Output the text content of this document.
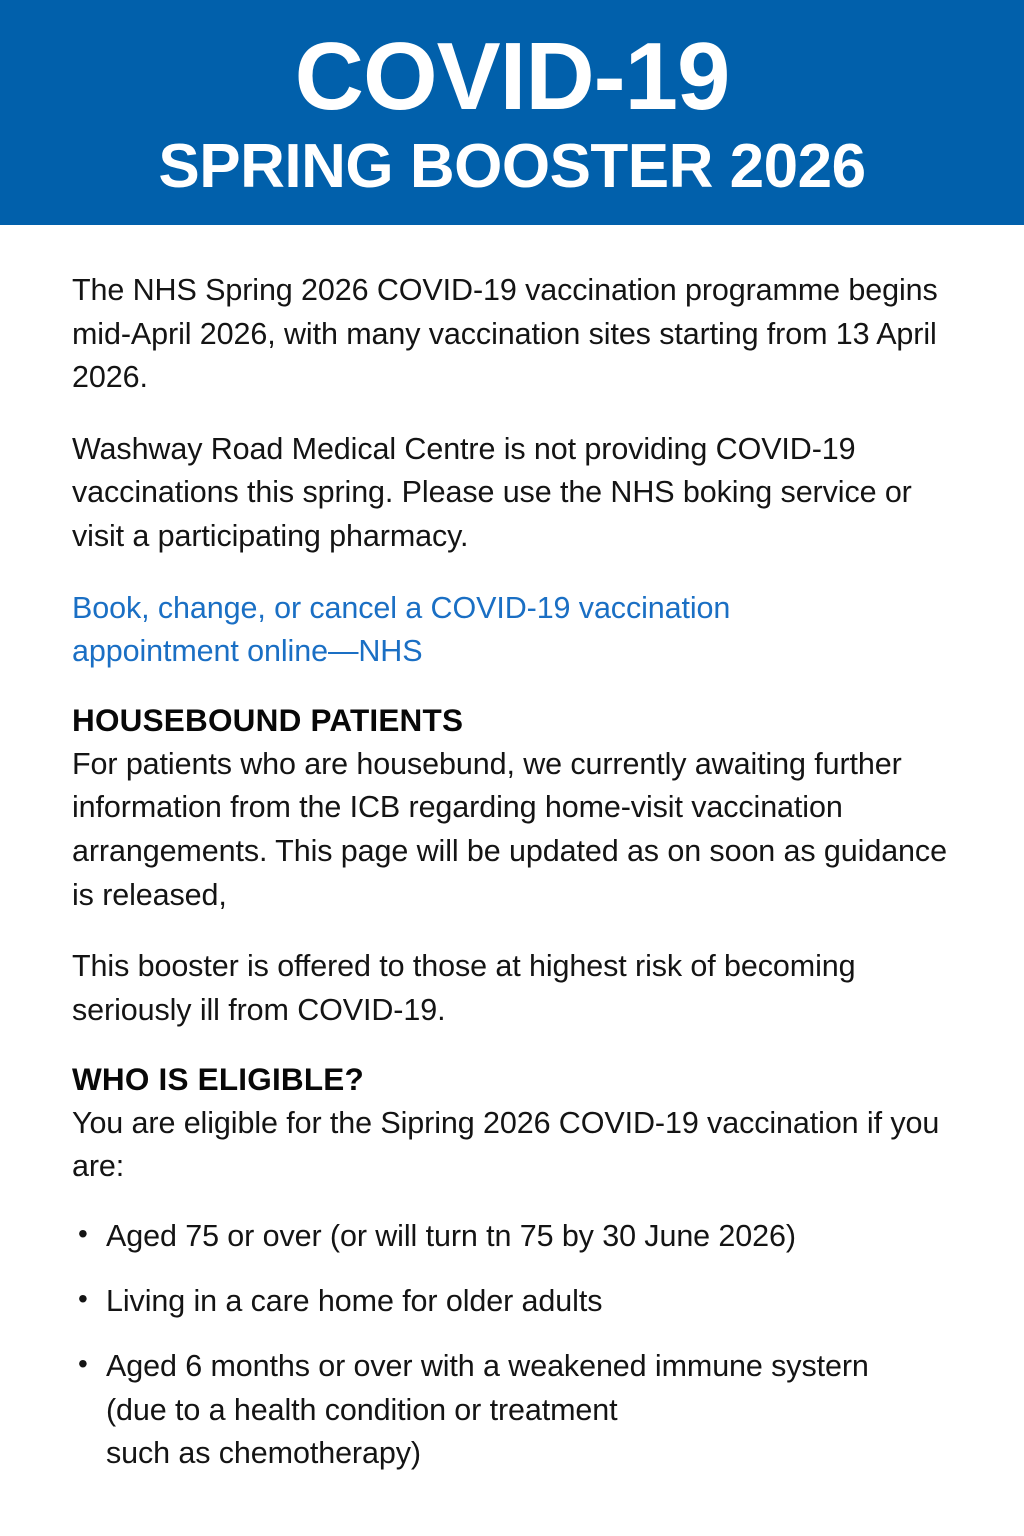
COVID-19
SPRING BOOSTER 2026

The NHS Spring 2026 COVID-19 vaccination programme begins mid-April 2026, with many vaccination sites starting from 13 April 2026.

Washway Road Medical Centre is not providing COVID-19 vaccinations this spring. Please use the NHS boking service or visit a participating pharmacy.

Book, change, or cancel a COVID-19 vaccination appointment online—NHS
HOUSEBOUND PATIENTS

For patients who are housebund, we currently awaiting further information from the ICB regarding home-visit vaccination arrangements. This page will be updated as on soon as guidance is released,

This booster is offered to those at highest risk of becoming seriously ill from COVID-19.

WHO IS ELIGIBLE?

You are eligible for the Sipring 2026 COVID-19 vaccination if you are:

• Aged 75 or over (or will turn tn 75 by 30 June 2026)
• Living in a care home for older adults
• Aged 6 months or over with a weakened immune systern
(due to a health condition or treatment
such as chemotherapy)
